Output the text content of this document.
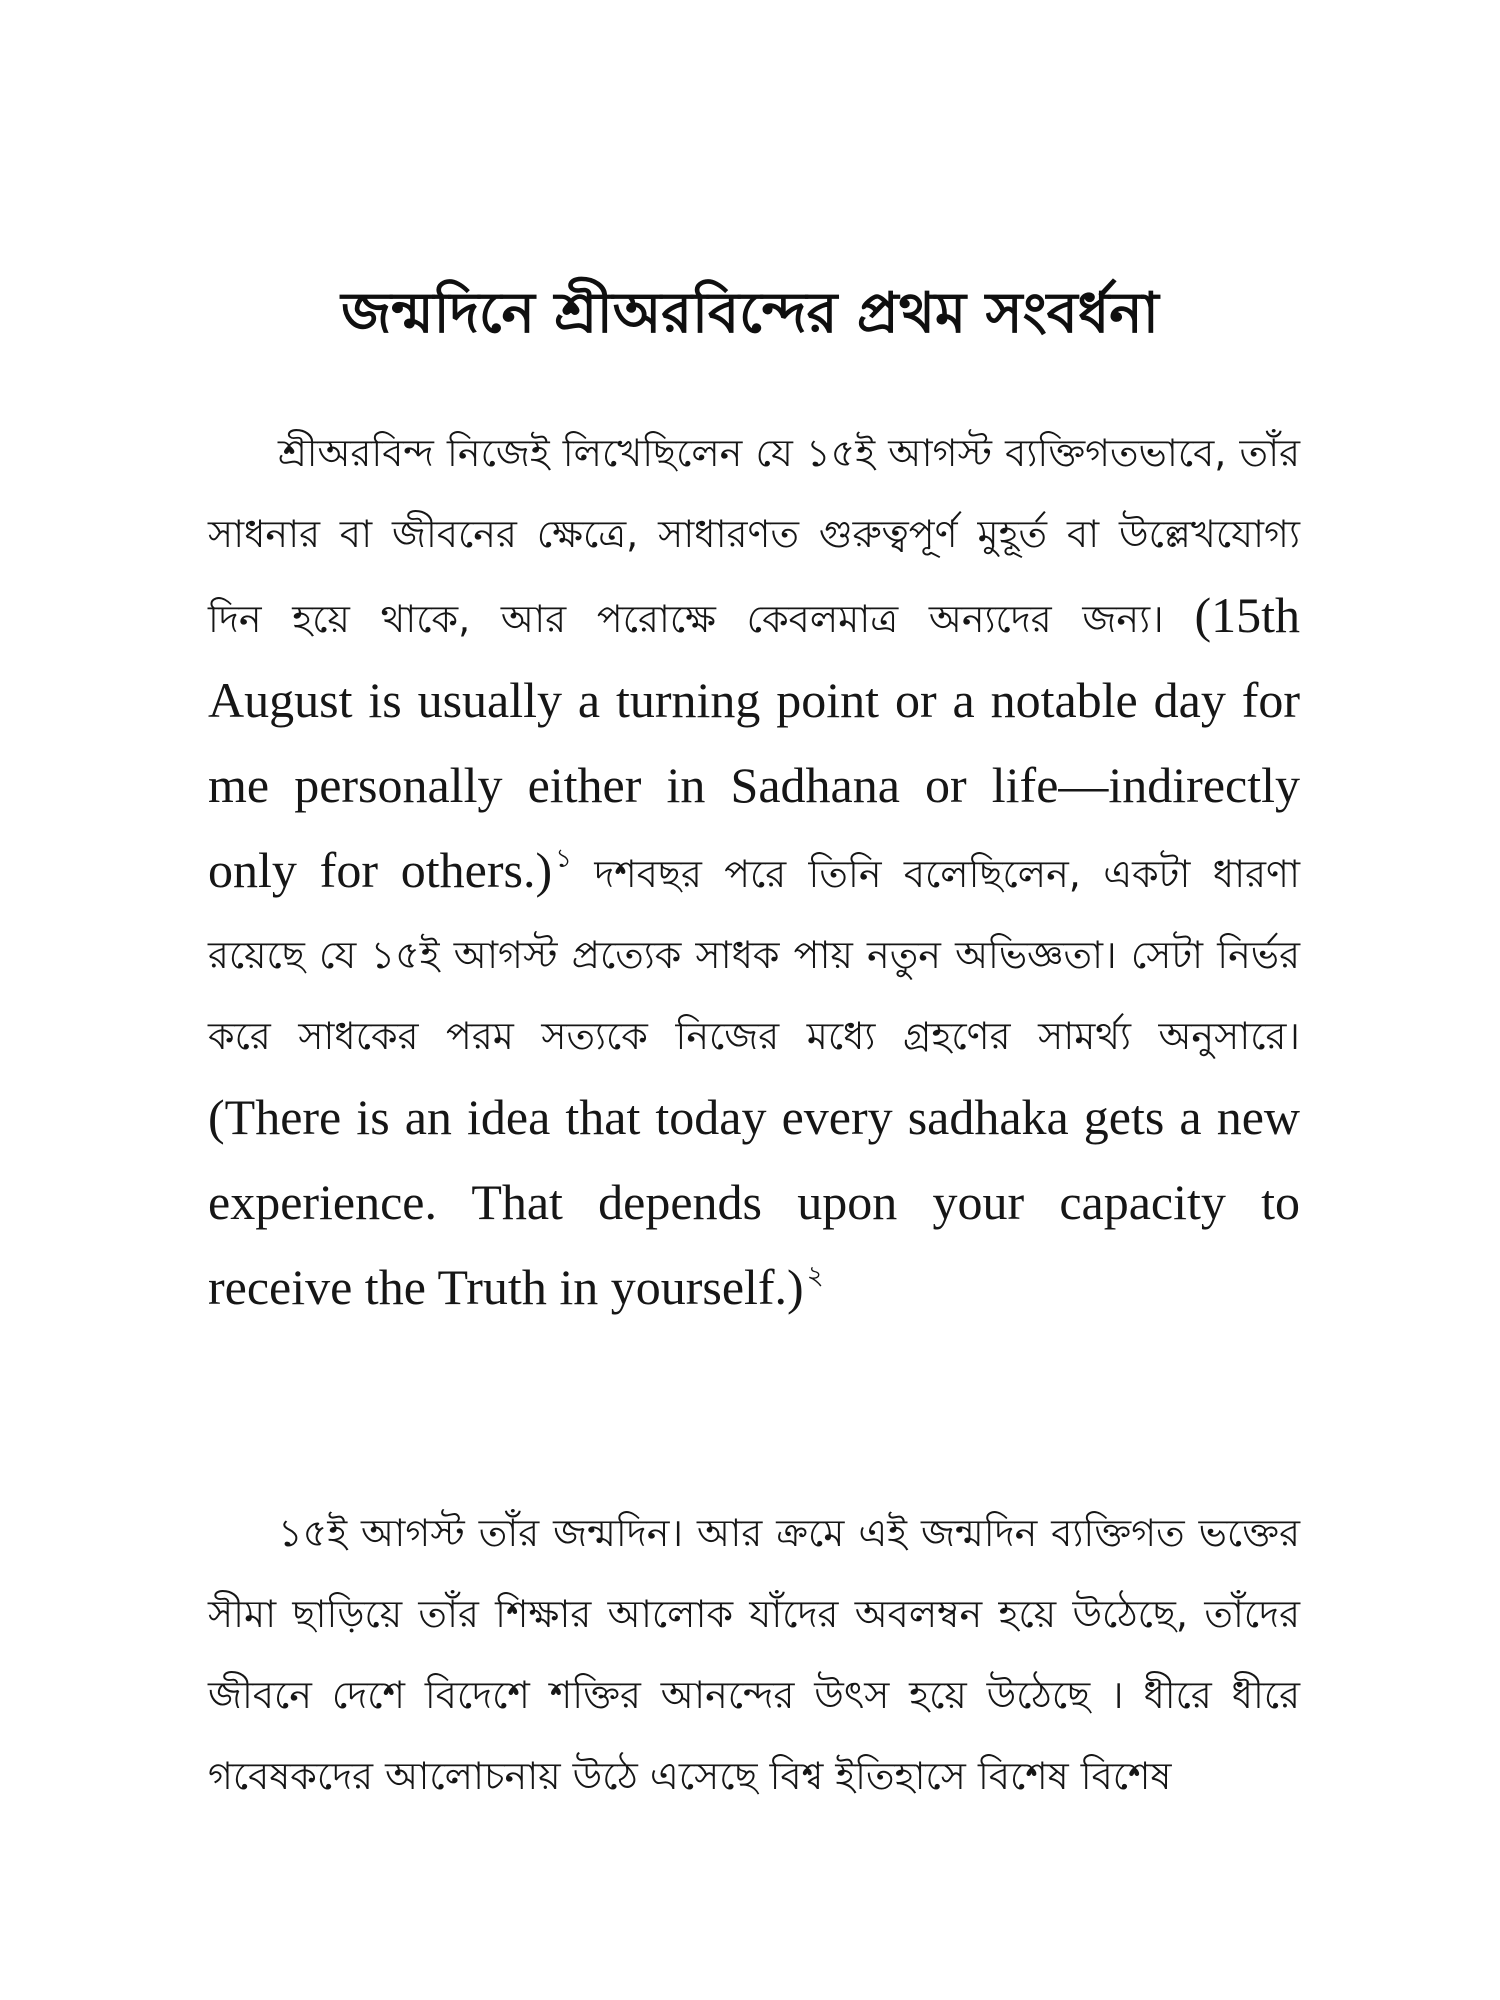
জন্মদিনে শ্রীঅরবিন্দের প্রথম সংবর্ধনা

শ্রীঅরবিন্দ নিজেই লিখেছিলেন যে ১৫ই আগস্ট ব্যক্তিগতভাবে, তাঁর সাধনার বা জীবনের ক্ষেত্রে, সাধারণত গুরুত্বপূর্ণ মুহূর্ত বা উল্লেখযোগ্য দিন হয়ে থাকে, আর পরোক্ষে কেবলমাত্র অন্যদের জন্য। (15th August is usually a turning point or a notable day for me personally either in Sadhana or life—indirectly only for others.) $^১$ দশবছর পরে তিনি বলেছিলেন, একটা ধারণা রয়েছে যে ১৫ই আগস্ট প্রত্যেক সাধক পায় নতুন অভিজ্ঞতা। সেটা নির্ভর করে সাধকের পরম সত্যকে নিজের মধ্যে গ্রহণের সামর্থ্য অনুসারে। (There is an idea that today every sadhaka gets a new experience. That depends upon your capacity to receive the Truth in yourself.) $^২$

১৫ই আগস্ট তাঁর জন্মদিন। আর ক্রমে এই জন্মদিন ব্যক্তিগত ভক্তের সীমা ছাড়িয়ে তাঁর শিক্ষার আলোক যাঁদের অবলম্বন হয়ে উঠেছে, তাঁদের জীবনে দেশে বিদেশে শক্তির আনন্দের উৎস হয়ে উঠেছে । ধীরে ধীরে গবেষকদের আলোচনায় উঠে এসেছে বিশ্ব ইতিহাসে বিশেষ বিশেষ
